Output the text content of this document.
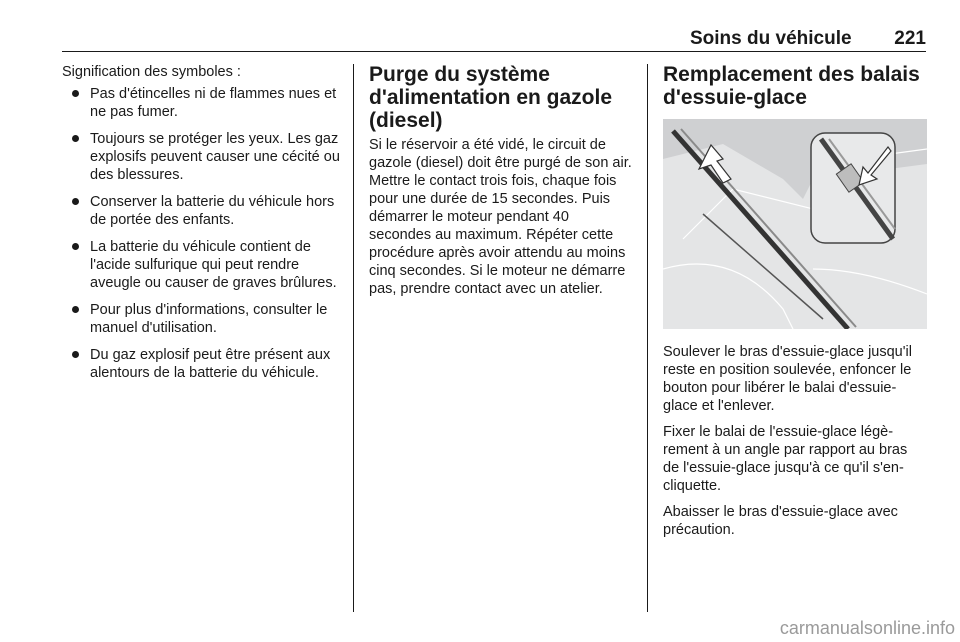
Soins du véhicule	221

Signification des symboles :

Pas d'étincelles ni de flammes nues et ne pas fumer.
Toujours se protéger les yeux. Les gaz explosifs peuvent causer une cécité ou des blessures.
Conserver la batterie du véhicule hors de portée des enfants.
La batterie du véhicule contient de l'acide sulfurique qui peut rendre aveugle ou causer de graves brûlures.
Pour plus d'informations, consulter le manuel d'utilisation.
Du gaz explosif peut être présent aux alentours de la batterie du véhicule.
Purge du système d'alimentation en gazole (diesel)

Si le réservoir a été vidé, le circuit de gazole (diesel) doit être purgé de son air. Mettre le contact trois fois, chaque fois pour une durée de 15 secondes. Puis démarrer le moteur pendant 40 secondes au maximum. Répéter cette procédure après avoir attendu au moins cinq secondes. Si le moteur ne démarre pas, prendre contact avec un atelier.

Remplacement des balais d'essuie-glace

Soulever le bras d'essuie-glace jusqu'il reste en position soulevée, enfoncer le bouton pour libérer le balai d'essuie-glace et l'enlever.

Fixer le balai de l'essuie-glace légèrement à un angle par rapport au bras de l'essuie-glace jusqu'à ce qu'il s'encliquette.

Abaisser le bras d'essuie-glace avec précaution.

carmanualsonline.info
